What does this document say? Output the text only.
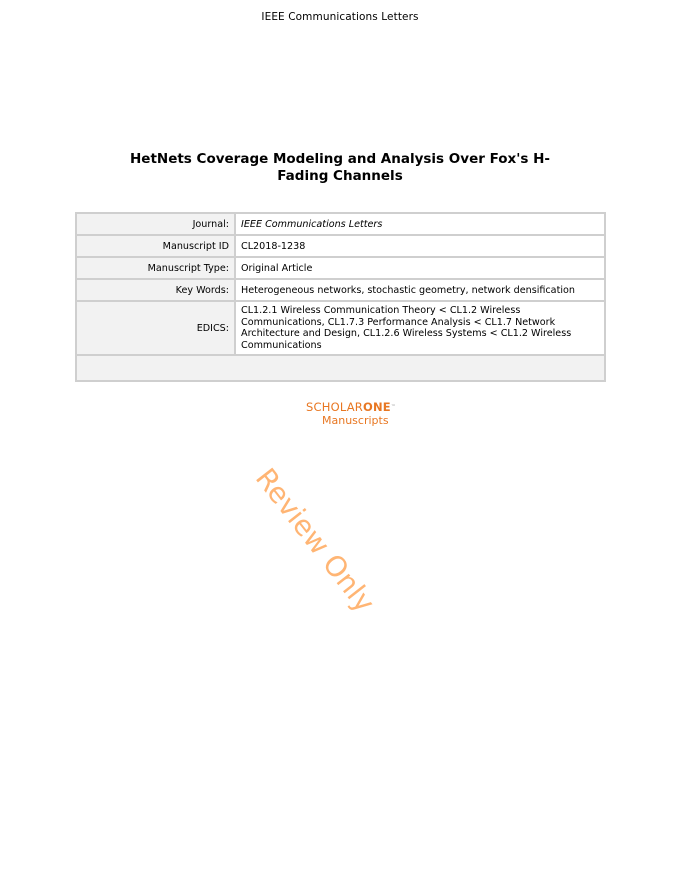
IEEE Communications Letters
HetNets Coverage Modeling and Analysis Over Fox's H-
Fading Channels
Journal:	IEEE Communications Letters
Manuscript ID	CL2018-1238
Manuscript Type:	Original Article
Key Words:	Heterogeneous networks, stochastic geometry, network densification
EDICS:	CL1.2.1 Wireless Communication Theory < CL1.2 Wireless
Communications, CL1.7.3 Performance Analysis < CL1.7 Network
Architecture and Design, CL1.2.6 Wireless Systems < CL1.2 Wireless
Communications

SCHOLARONE™
Manuscripts
Review Only
